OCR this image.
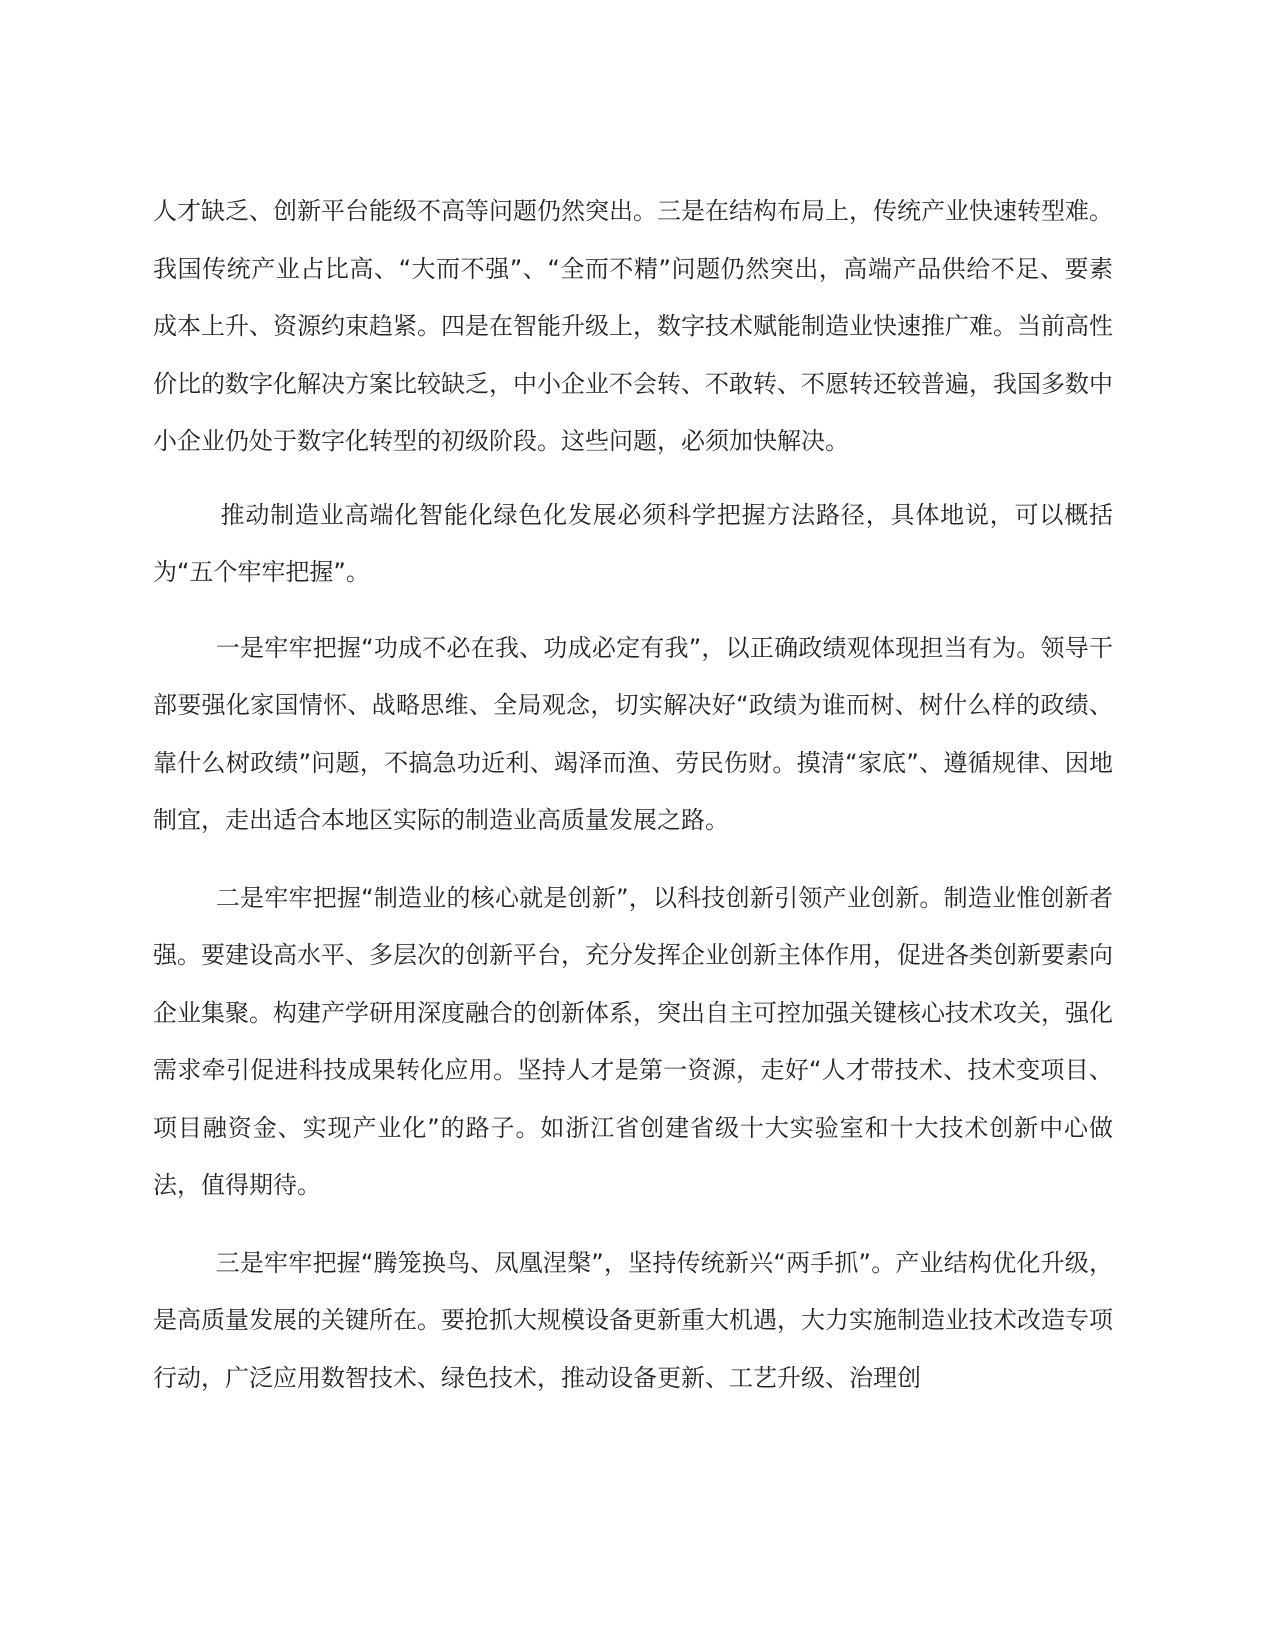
人才缺乏、创新平台能级不高等问题仍然突出。三是在结构布局上，传统产业快速转型难。我国传统产业占比高、“大而不强”、“全而不精”问题仍然突出，高端产品供给不足、要素成本上升、资源约束趋紧。四是在智能升级上，数字技术赋能制造业快速推广难。当前高性价比的数字化解决方案比较缺乏，中小企业不会转、不敢转、不愿转还较普遍，我国多数中小企业仍处于数字化转型的初级阶段。这些问题，必须加快解决。

推动制造业高端化智能化绿色化发展必须科学把握方法路径，具体地说，可以概括为“五个牢牢把握”。

一是牢牢把握“功成不必在我、功成必定有我”，以正确政绩观体现担当有为。领导干部要强化家国情怀、战略思维、全局观念，切实解决好“政绩为谁而树、树什么样的政绩、靠什么树政绩”问题，不搞急功近利、竭泽而渔、劳民伤财。摸清“家底”、遵循规律、因地制宜，走出适合本地区实际的制造业高质量发展之路。

二是牢牢把握“制造业的核心就是创新”，以科技创新引领产业创新。制造业惟创新者强。要建设高水平、多层次的创新平台，充分发挥企业创新主体作用，促进各类创新要素向企业集聚。构建产学研用深度融合的创新体系，突出自主可控加强关键核心技术攻关，强化需求牵引促进科技成果转化应用。坚持人才是第一资源，走好“人才带技术、技术变项目、项目融资金、实现产业化”的路子。如浙江省创建省级十大实验室和十大技术创新中心做法，值得期待。

三是牢牢把握“腾笼换鸟、凤凰涅槃”，坚持传统新兴“两手抓”。产业结构优化升级，是高质量发展的关键所在。要抢抓大规模设备更新重大机遇，大力实施制造业技术改造专项行动，广泛应用数智技术、绿色技术，推动设备更新、工艺升级、治理创
